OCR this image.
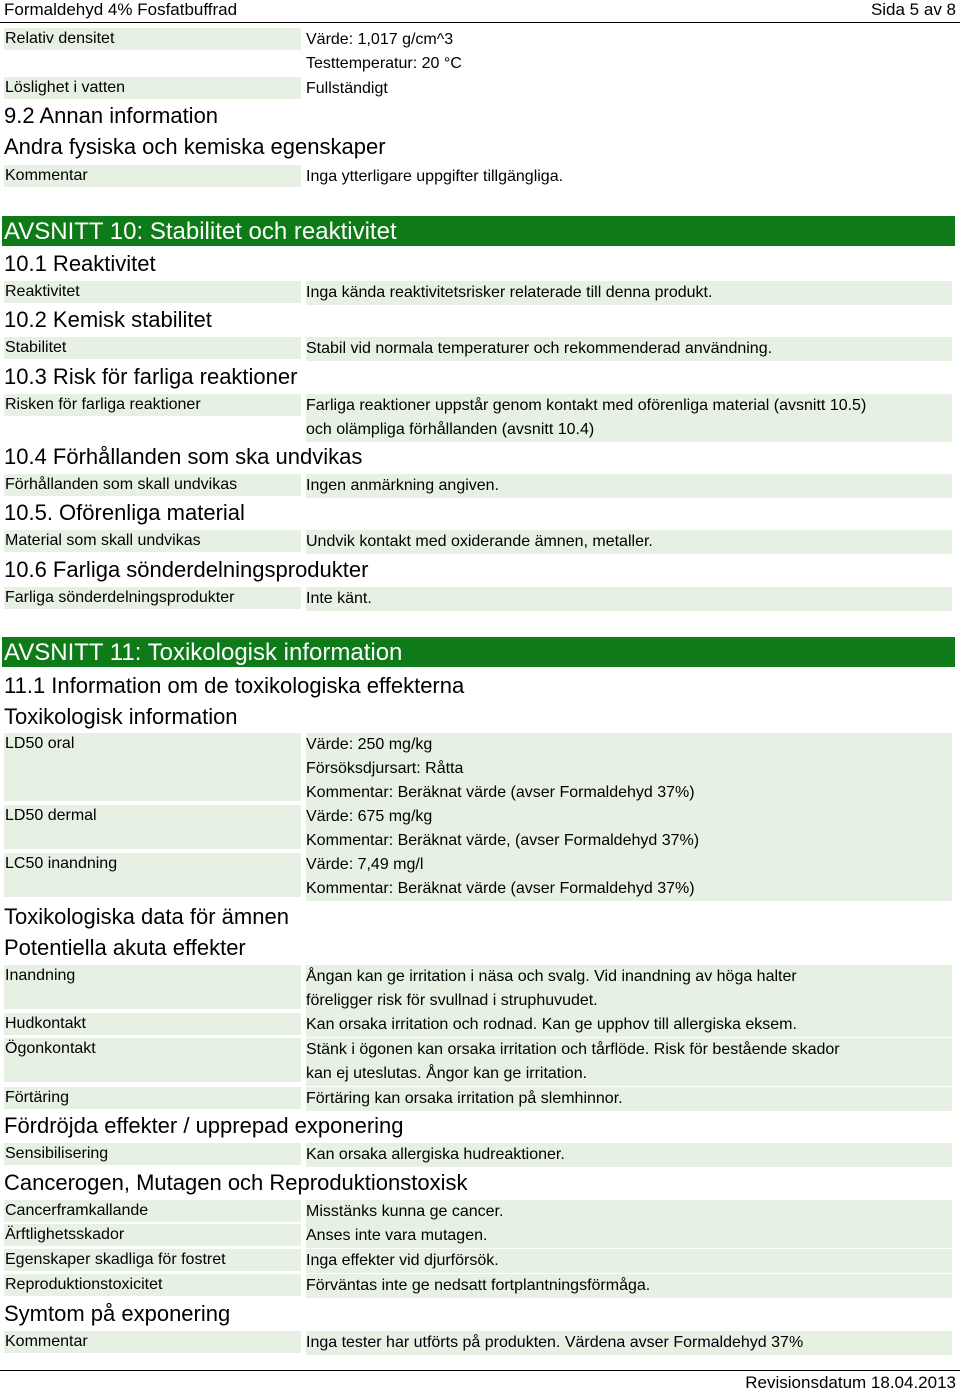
Formaldehyd 4% Fosfatbuffrad	Sida 5 av 8
Relativ densitet	Värde: 1,017 g/cm^3
Testtemperatur: 20 °C
Löslighet i vatten	Fullständigt
9.2 Annan information
Andra fysiska och kemiska egenskaper
Kommentar	Inga ytterligare uppgifter tillgängliga.
AVSNITT 10: Stabilitet och reaktivitet
10.1 Reaktivitet
Reaktivitet	Inga kända reaktivitetsrisker relaterade till denna produkt.
10.2 Kemisk stabilitet
Stabilitet	Stabil vid normala temperaturer och rekommenderad användning.
10.3 Risk för farliga reaktioner
Risken för farliga reaktioner	Farliga reaktioner uppstår genom kontakt med oförenliga material (avsnitt 10.5)
och olämpliga förhållanden (avsnitt 10.4)
10.4 Förhållanden som ska undvikas
Förhållanden som skall undvikas	Ingen anmärkning angiven.
10.5. Oförenliga material
Material som skall undvikas	Undvik kontakt med oxiderande ämnen, metaller.
10.6 Farliga sönderdelningsprodukter
Farliga sönderdelningsprodukter	Inte känt.
AVSNITT 11: Toxikologisk information
11.1 Information om de toxikologiska effekterna
Toxikologisk information
LD50 oral	Värde: 250 mg/kg
Försöksdjursart: Råtta
Kommentar: Beräknat värde (avser Formaldehyd 37%)
LD50 dermal	Värde: 675 mg/kg
Kommentar: Beräknat värde, (avser Formaldehyd 37%)
LC50 inandning	Värde: 7,49 mg/l
Kommentar: Beräknat värde (avser Formaldehyd 37%)
Toxikologiska data för ämnen
Potentiella akuta effekter
Inandning	Ångan kan ge irritation i näsa och svalg. Vid inandning av höga halter
föreligger risk för svullnad i struphuvudet.
Hudkontakt	Kan orsaka irritation och rodnad. Kan ge upphov till allergiska eksem.
Ögonkontakt	Stänk i ögonen kan orsaka irritation och tårflöde. Risk för bestående skador
kan ej uteslutas. Ångor kan ge irritation.
Förtäring	Förtäring kan orsaka irritation på slemhinnor.
Fördröjda effekter / upprepad exponering
Sensibilisering	Kan orsaka allergiska hudreaktioner.
Cancerogen, Mutagen och Reproduktionstoxisk
Cancerframkallande	Misstänks kunna ge cancer.
Ärftlighetsskador	Anses inte vara mutagen.
Egenskaper skadliga för fostret	Inga effekter vid djurförsök.
Reproduktionstoxicitet	Förväntas inte ge nedsatt fortplantningsförmåga.
Symtom på exponering
Kommentar	Inga tester har utförts på produkten. Värdena avser Formaldehyd 37%
Revisionsdatum 18.04.2013
